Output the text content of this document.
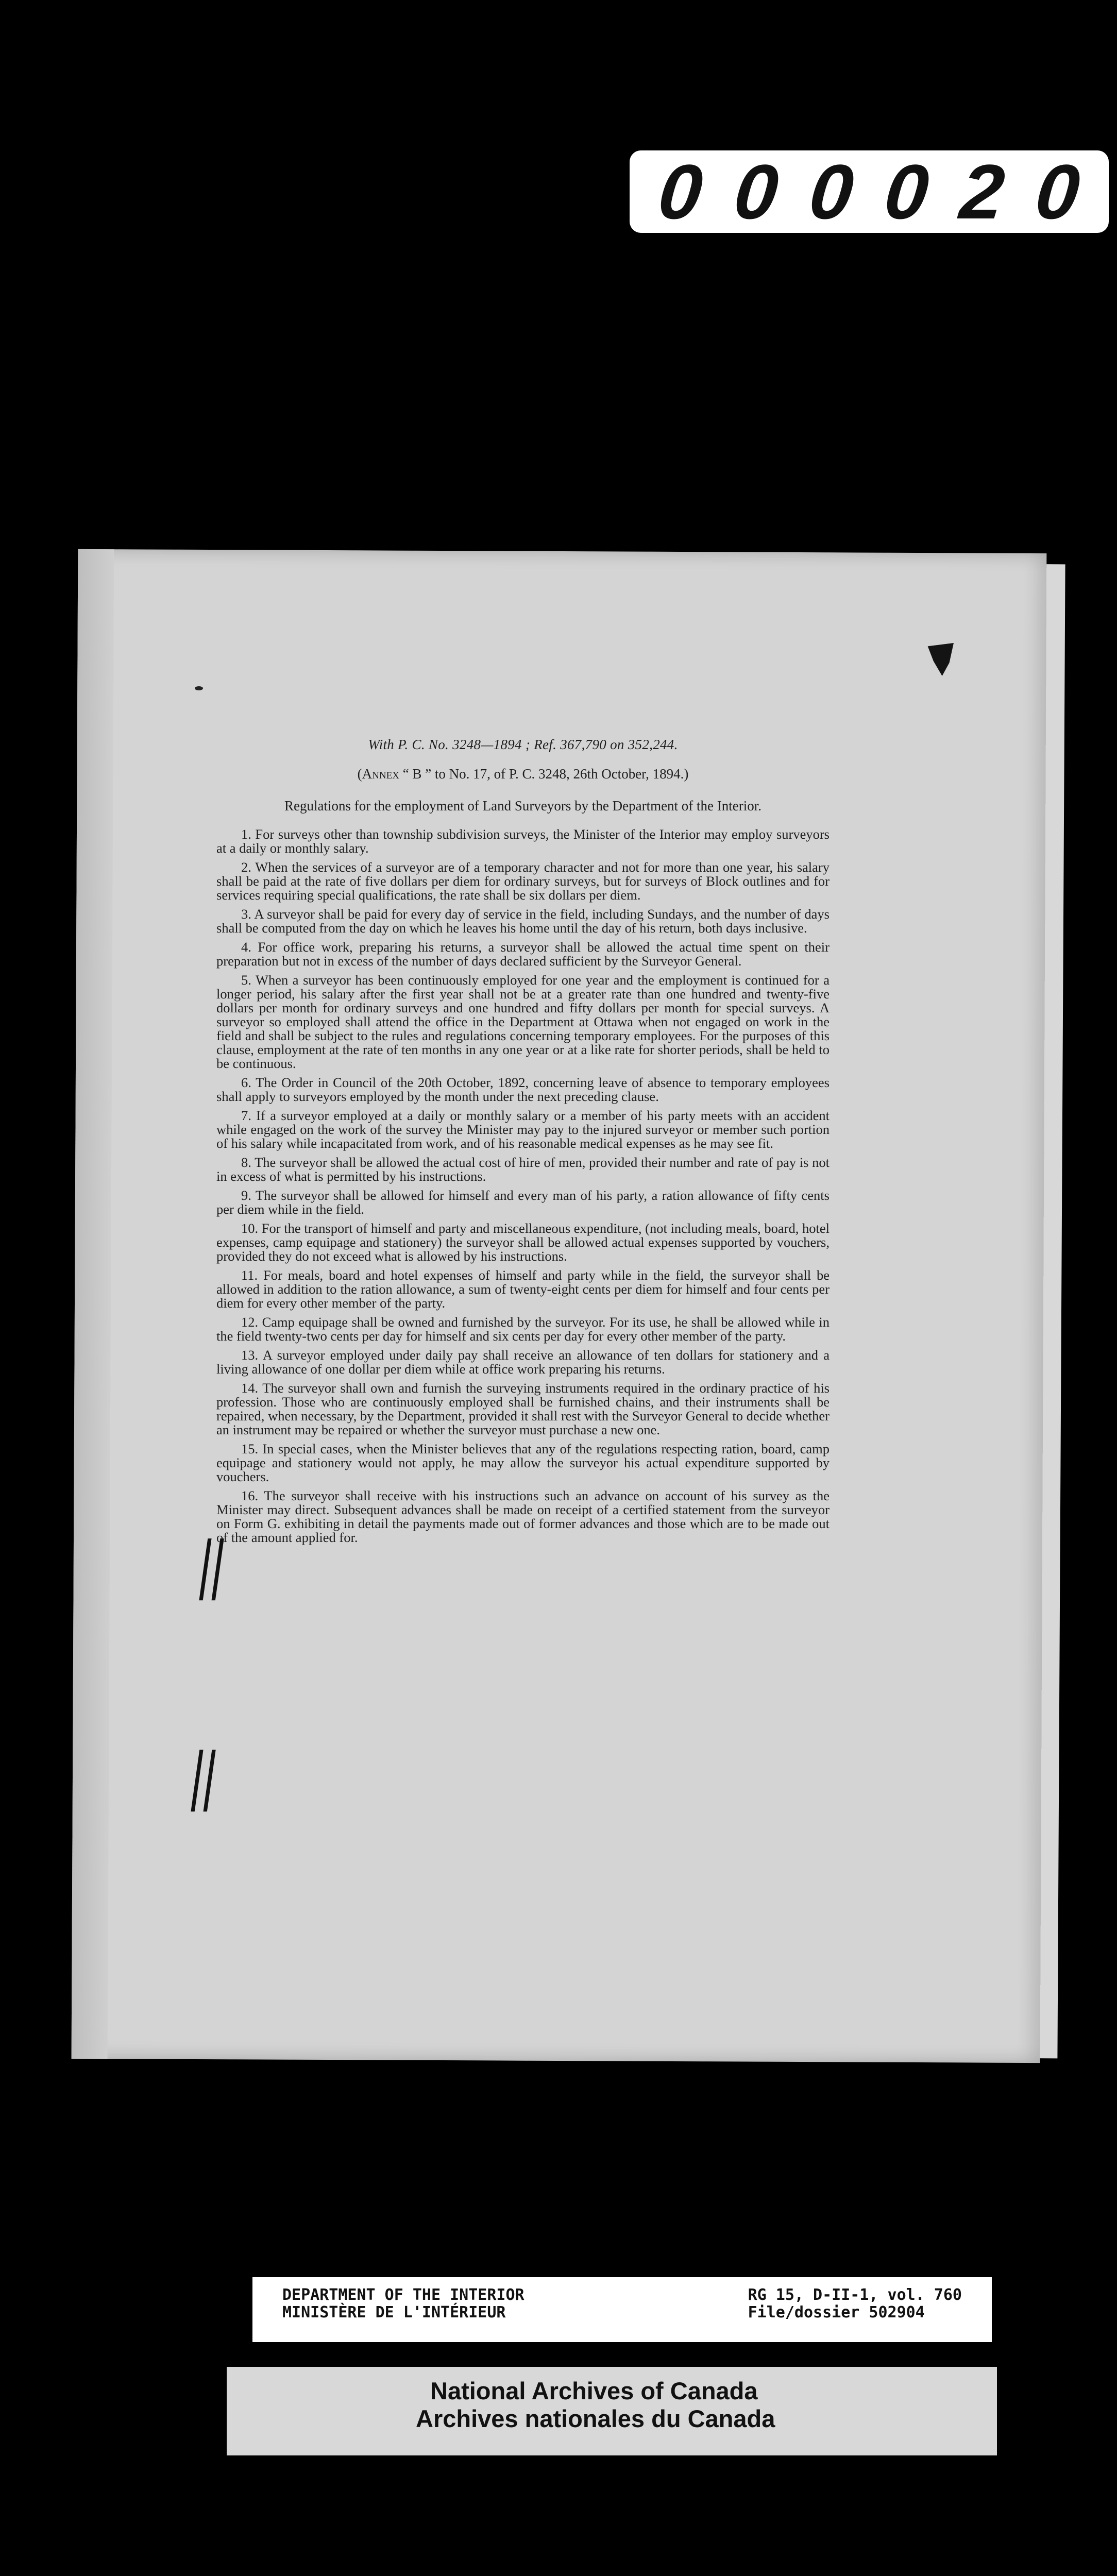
0 0 0 0 2 0

With P. C. No. 3248—1894 ; Ref. 367,790 on 352,244.

(Annex “ B ” to No. 17, of P. C. 3248, 26th October, 1894.)

Regulations for the employment of Land Surveyors by the Department of the Interior.

1. For surveys other than township subdivision surveys, the Minister of the Interior may employ surveyors at a daily or monthly salary.

2. When the services of a surveyor are of a temporary character and not for more than one year, his salary shall be paid at the rate of five dollars per diem for ordinary surveys, but for surveys of Block outlines and for services requiring special qualifications, the rate shall be six dollars per diem.

3. A surveyor shall be paid for every day of service in the field, including Sundays, and the number of days shall be computed from the day on which he leaves his home until the day of his return, both days inclusive.

4. For office work, preparing his returns, a surveyor shall be allowed the actual time spent on their preparation but not in excess of the number of days declared sufficient by the Surveyor General.

5. When a surveyor has been continuously employed for one year and the employment is continued for a longer period, his salary after the first year shall not be at a greater rate than one hundred and twenty-five dollars per month for ordinary surveys and one hundred and fifty dollars per month for special surveys. A surveyor so employed shall attend the office in the Department at Ottawa when not engaged on work in the field and shall be subject to the rules and regulations concerning temporary employees. For the purposes of this clause, employment at the rate of ten months in any one year or at a like rate for shorter periods, shall be held to be continuous.

6. The Order in Council of the 20th October, 1892, concerning leave of absence to temporary employees shall apply to surveyors employed by the month under the next preceding clause.

7. If a surveyor employed at a daily or monthly salary or a member of his party meets with an accident while engaged on the work of the survey the Minister may pay to the injured surveyor or member such portion of his salary while incapacitated from work, and of his reasonable medical expenses as he may see fit.

8. The surveyor shall be allowed the actual cost of hire of men, provided their number and rate of pay is not in excess of what is permitted by his instructions.

9. The surveyor shall be allowed for himself and every man of his party, a ration allowance of fifty cents per diem while in the field.

10. For the transport of himself and party and miscellaneous expenditure, (not including meals, board, hotel expenses, camp equipage and stationery) the surveyor shall be allowed actual expenses supported by vouchers, provided they do not exceed what is allowed by his instructions.

11. For meals, board and hotel expenses of himself and party while in the field, the surveyor shall be allowed in addition to the ration allowance, a sum of twenty-eight cents per diem for himself and four cents per diem for every other member of the party.

12. Camp equipage shall be owned and furnished by the surveyor. For its use, he shall be allowed while in the field twenty-two cents per day for himself and six cents per day for every other member of the party.

13. A surveyor employed under daily pay shall receive an allowance of ten dollars for stationery and a living allowance of one dollar per diem while at office work preparing his returns.

14. The surveyor shall own and furnish the surveying instruments required in the ordinary practice of his profession. Those who are continuously employed shall be furnished chains, and their instruments shall be repaired, when necessary, by the Department, provided it shall rest with the Surveyor General to decide whether an instrument may be repaired or whether the surveyor must purchase a new one.

15. In special cases, when the Minister believes that any of the regulations respecting ration, board, camp equipage and stationery would not apply, he may allow the surveyor his actual expenditure supported by vouchers.

16. The surveyor shall receive with his instructions such an advance on account of his survey as the Minister may direct. Subsequent advances shall be made on receipt of a certified statement from the surveyor on Form G. exhibiting in detail the payments made out of former advances and those which are to be made out of the amount applied for.

||
||
DEPARTMENT OF THE INTERIOR
MINISTÈRE DE L'INTÉRIEUR
RG 15, D-II-1, vol. 760
File/dossier 502904
National Archives of Canada
Archives nationales du Canada
